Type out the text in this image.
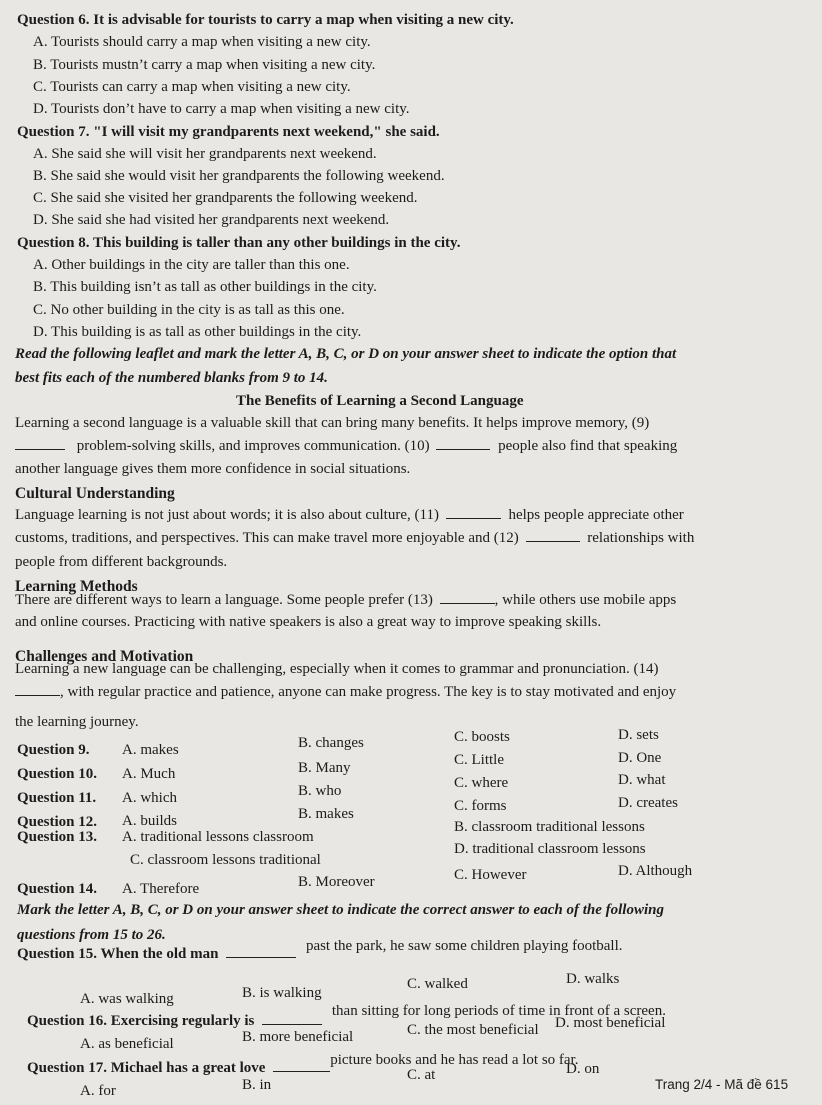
Question 6. It is advisable for tourists to carry a map when visiting a new city.
A. Tourists should carry a map when visiting a new city.
B. Tourists mustn’t carry a map when visiting a new city.
C. Tourists can carry a map when visiting a new city.
D. Tourists don’t have to carry a map when visiting a new city.
Question 7. "I will visit my grandparents next weekend," she said.
A. She said she will visit her grandparents next weekend.
B. She said she would visit her grandparents the following weekend.
C. She said she visited her grandparents the following weekend.
D. She said she had visited her grandparents next weekend.
Question 8. This building is taller than any other buildings in the city.
A. Other buildings in the city are taller than this one.
B. This building isn’t as tall as other buildings in the city.
C. No other building in the city is as tall as this one.
D. This building is as tall as other buildings in the city.
Read the following leaflet and mark the letter A, B, C, or D on your answer sheet to indicate the option that
best fits each of the numbered blanks from 9 to 14.
The Benefits of Learning a Second Language
Learning a second language is a valuable skill that can bring many benefits. It helps improve memory, (9)
problem-solving skills, and improves communication. (10)	people also find that speaking
another language gives them more confidence in social situations.
Cultural Understanding
Language learning is not just about words; it is also about culture, (11)	helps people appreciate other
customs, traditions, and perspectives. This can make travel more enjoyable and (12)	relationships with
people from different backgrounds.
Learning Methods
There are different ways to learn a language. Some people prefer (13)	, while others use mobile apps
and online courses. Practicing with native speakers is also a great way to improve speaking skills.
Challenges and Motivation
Learning a new language can be challenging, especially when it comes to grammar and pronunciation. (14)
, with regular practice and patience, anyone can make progress. The key is to stay motivated and enjoy
the learning journey.
Question 9. A. makes	B. changes	C. boosts	D. sets
Question 10. A. Much	B. Many	C. Little	D. One
Question 11. A. which	B. who	C. where	D. what
Question 12. A. builds	B. makes	C. forms	D. creates
Question 13. A. traditional lessons classroom
B. classroom traditional lessons
C. classroom lessons traditional
D. traditional classroom lessons
Question 14. A. Therefore	B. Moreover	C. However	D. Although
Mark the letter A, B, C, or D on your answer sheet to indicate the correct answer to each of the following
questions from 15 to 26.
Question 15. When the old man	past the park, he saw some children playing football.
A. was walking	B. is walking
C. walked	D. walks
Question 16. Exercising regularly is  than sitting for long periods of time in front of a screen.
A. as beneficial	B. more beneficial	C. the most beneficial D. most beneficial
Question 17. Michael has a great love	picture books and he has read a lot so far.
A. for	B. in
C. at	D. on
Trang 2/4 - Mã đề 615
